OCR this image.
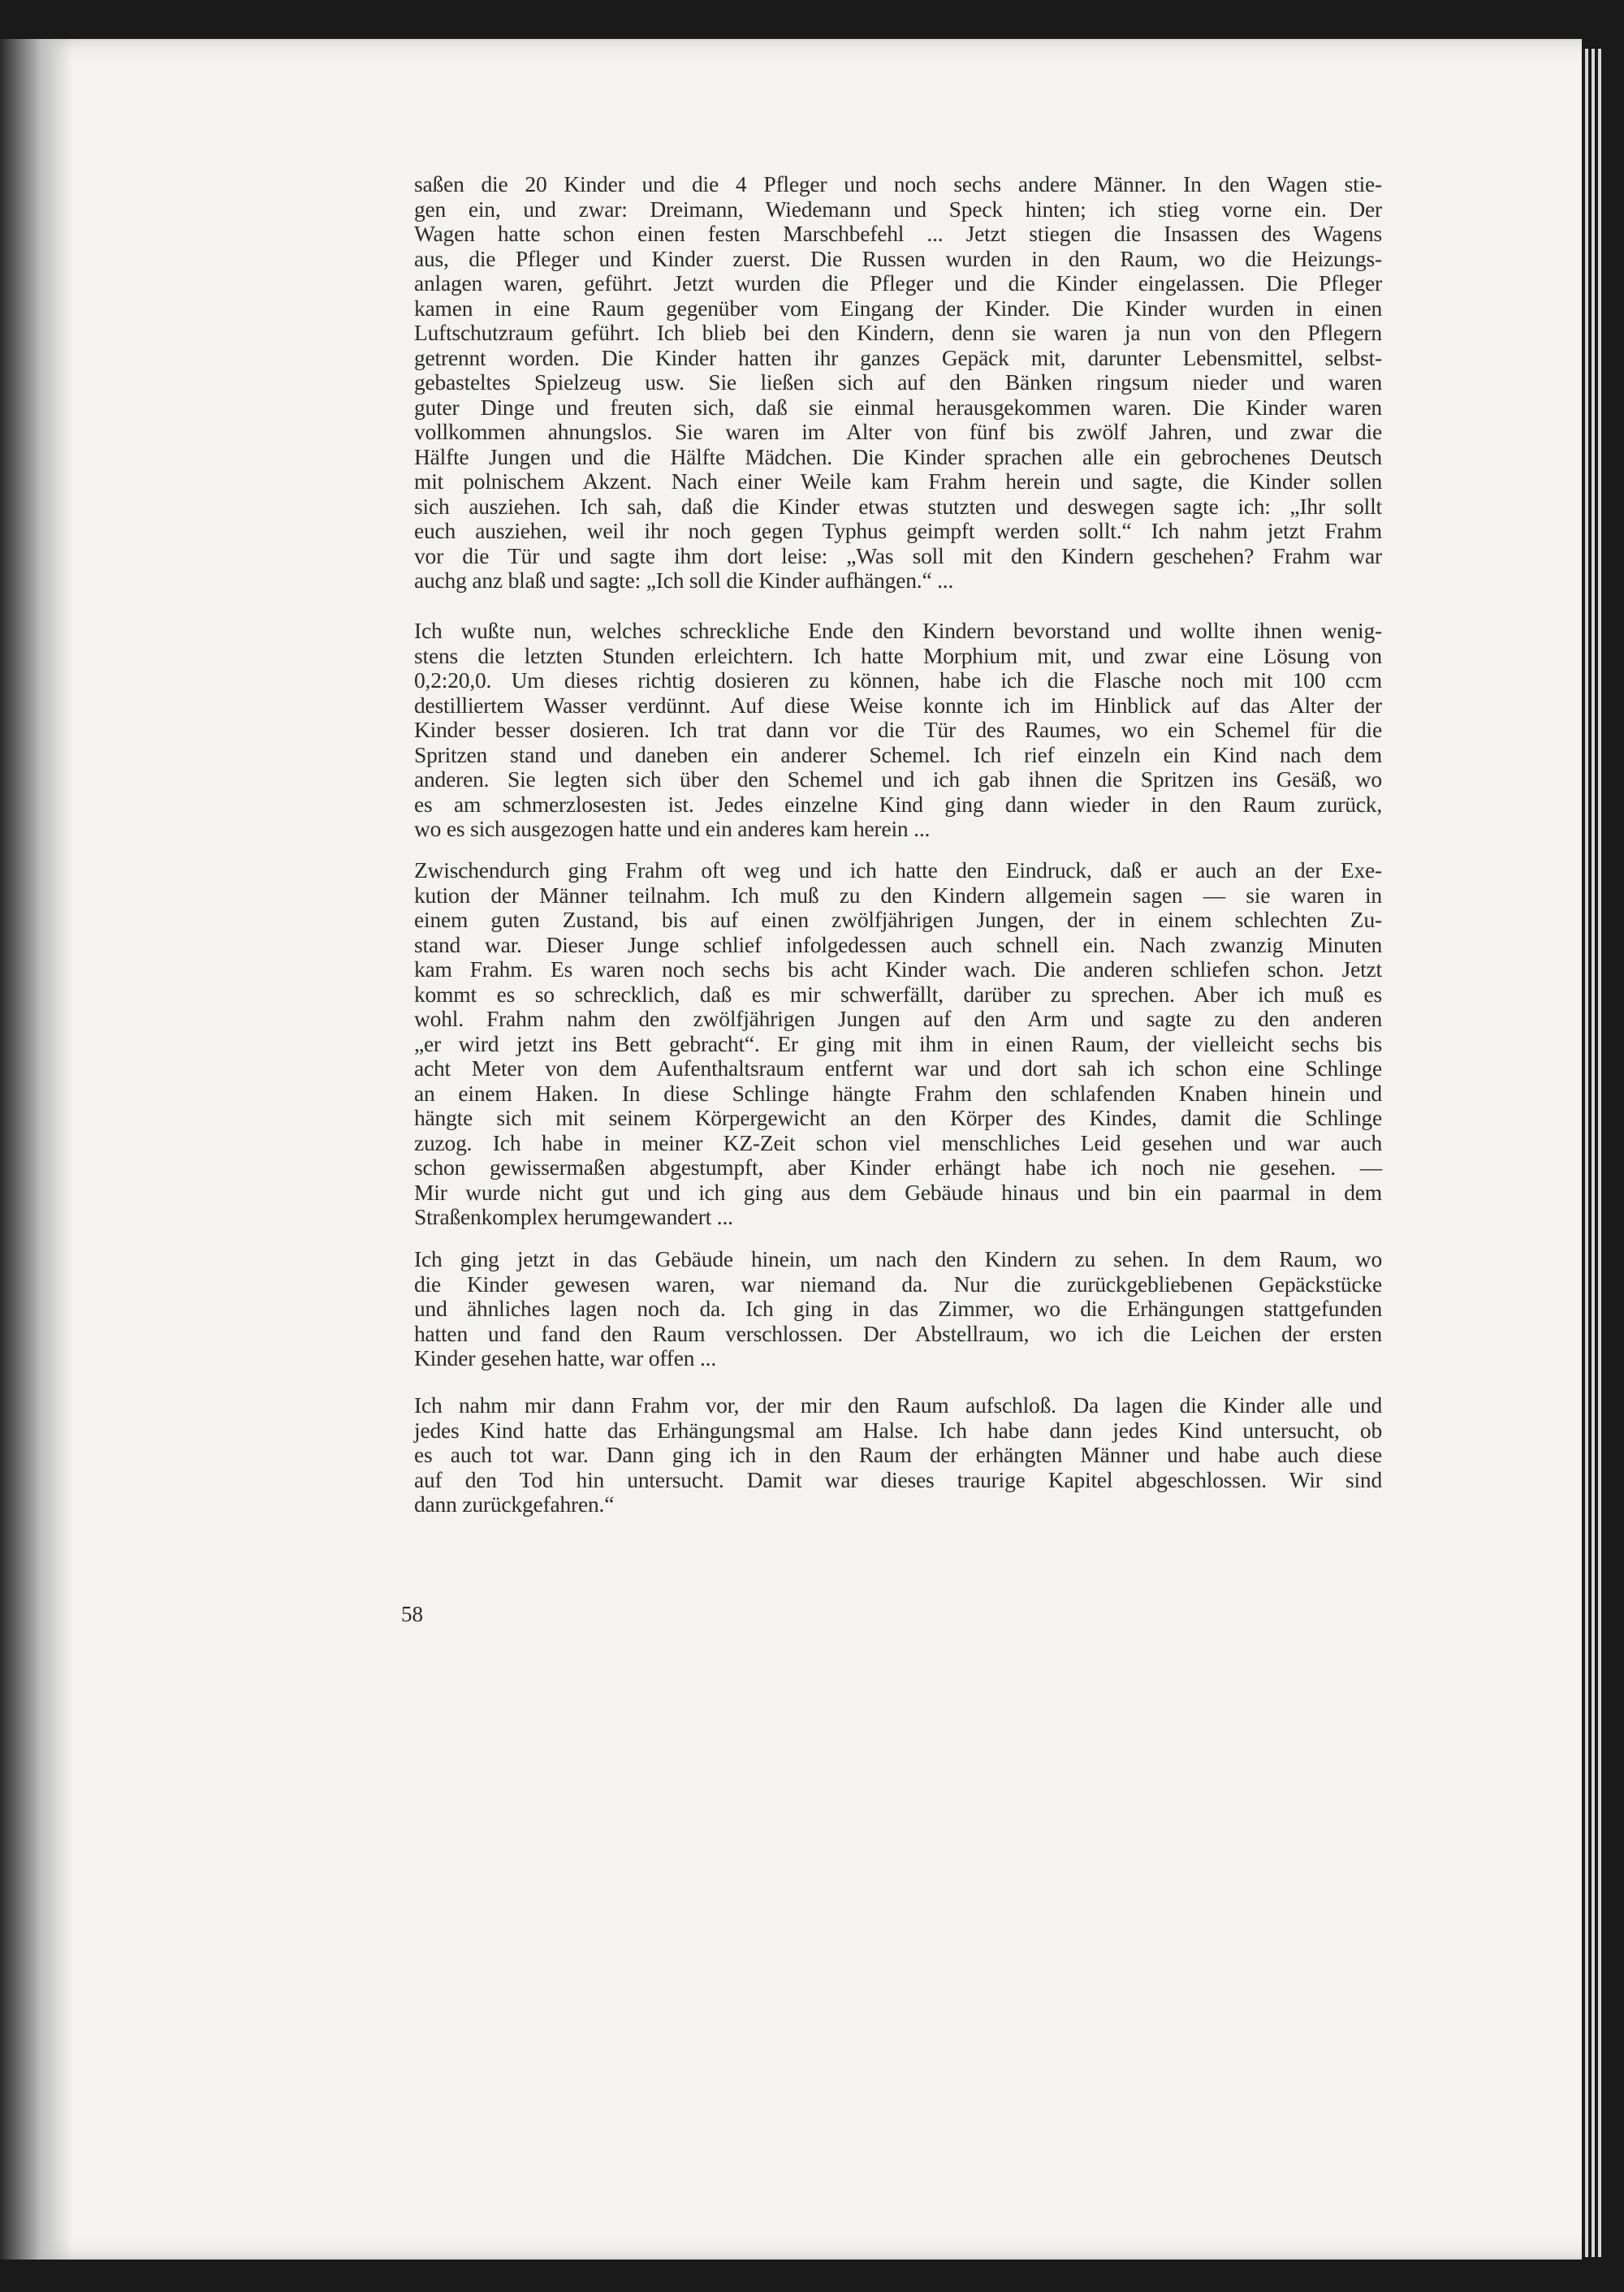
saßen die 20 Kinder und die 4 Pfleger und noch sechs andere Männer. In den Wagen stie-
gen ein, und zwar: Dreimann, Wiedemann und Speck hinten; ich stieg vorne ein. Der
Wagen hatte schon einen festen Marschbefehl ... Jetzt stiegen die Insassen des Wagens
aus, die Pfleger und Kinder zuerst. Die Russen wurden in den Raum, wo die Heizungs-
anlagen waren, geführt. Jetzt wurden die Pfleger und die Kinder eingelassen. Die Pfleger
kamen in eine Raum gegenüber vom Eingang der Kinder. Die Kinder wurden in einen
Luftschutzraum geführt. Ich blieb bei den Kindern, denn sie waren ja nun von den Pflegern
getrennt worden. Die Kinder hatten ihr ganzes Gepäck mit, darunter Lebensmittel, selbst-
gebasteltes Spielzeug usw. Sie ließen sich auf den Bänken ringsum nieder und waren
guter Dinge und freuten sich, daß sie einmal herausgekommen waren. Die Kinder waren
vollkommen ahnungslos. Sie waren im Alter von fünf bis zwölf Jahren, und zwar die
Hälfte Jungen und die Hälfte Mädchen. Die Kinder sprachen alle ein gebrochenes Deutsch
mit polnischem Akzent. Nach einer Weile kam Frahm herein und sagte, die Kinder sollen
sich ausziehen. Ich sah, daß die Kinder etwas stutzten und deswegen sagte ich: „Ihr sollt
euch ausziehen, weil ihr noch gegen Typhus geimpft werden sollt.“ Ich nahm jetzt Frahm
vor die Tür und sagte ihm dort leise: „Was soll mit den Kindern geschehen? Frahm war
auchg anz blaß und sagte: „Ich soll die Kinder aufhängen.“ ...
Ich wußte nun, welches schreckliche Ende den Kindern bevorstand und wollte ihnen wenig-
stens die letzten Stunden erleichtern. Ich hatte Morphium mit, und zwar eine Lösung von
0,2:20,0. Um dieses richtig dosieren zu können, habe ich die Flasche noch mit 100 ccm
destilliertem Wasser verdünnt. Auf diese Weise konnte ich im Hinblick auf das Alter der
Kinder besser dosieren. Ich trat dann vor die Tür des Raumes, wo ein Schemel für die
Spritzen stand und daneben ein anderer Schemel. Ich rief einzeln ein Kind nach dem
anderen. Sie legten sich über den Schemel und ich gab ihnen die Spritzen ins Gesäß, wo
es am schmerzlosesten ist. Jedes einzelne Kind ging dann wieder in den Raum zurück,
wo es sich ausgezogen hatte und ein anderes kam herein ...
Zwischendurch ging Frahm oft weg und ich hatte den Eindruck, daß er auch an der Exe-
kution der Männer teilnahm. Ich muß zu den Kindern allgemein sagen — sie waren in
einem guten Zustand, bis auf einen zwölfjährigen Jungen, der in einem schlechten Zu-
stand war. Dieser Junge schlief infolgedessen auch schnell ein. Nach zwanzig Minuten
kam Frahm. Es waren noch sechs bis acht Kinder wach. Die anderen schliefen schon. Jetzt
kommt es so schrecklich, daß es mir schwerfällt, darüber zu sprechen. Aber ich muß es
wohl. Frahm nahm den zwölfjährigen Jungen auf den Arm und sagte zu den anderen
„er wird jetzt ins Bett gebracht“. Er ging mit ihm in einen Raum, der vielleicht sechs bis
acht Meter von dem Aufenthaltsraum entfernt war und dort sah ich schon eine Schlinge
an einem Haken. In diese Schlinge hängte Frahm den schlafenden Knaben hinein und
hängte sich mit seinem Körpergewicht an den Körper des Kindes, damit die Schlinge
zuzog. Ich habe in meiner KZ-Zeit schon viel menschliches Leid gesehen und war auch
schon gewissermaßen abgestumpft, aber Kinder erhängt habe ich noch nie gesehen. —
Mir wurde nicht gut und ich ging aus dem Gebäude hinaus und bin ein paarmal in dem
Straßenkomplex herumgewandert ...
Ich ging jetzt in das Gebäude hinein, um nach den Kindern zu sehen. In dem Raum, wo
die Kinder gewesen waren, war niemand da. Nur die zurückgebliebenen Gepäckstücke
und ähnliches lagen noch da. Ich ging in das Zimmer, wo die Erhängungen stattgefunden
hatten und fand den Raum verschlossen. Der Abstellraum, wo ich die Leichen der ersten
Kinder gesehen hatte, war offen ...
Ich nahm mir dann Frahm vor, der mir den Raum aufschloß. Da lagen die Kinder alle und
jedes Kind hatte das Erhängungsmal am Halse. Ich habe dann jedes Kind untersucht, ob
es auch tot war. Dann ging ich in den Raum der erhängten Männer und habe auch diese
auf den Tod hin untersucht. Damit war dieses traurige Kapitel abgeschlossen. Wir sind
dann zurückgefahren.“
58
